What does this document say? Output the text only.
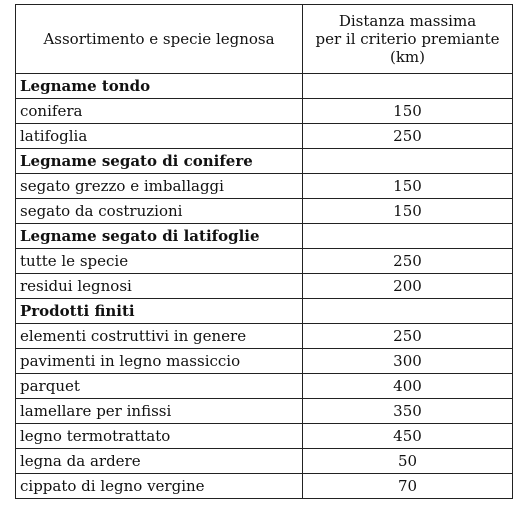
Assortimento e specie legnosa	Distanza massima
per il criterio premiante
(km)

Legname tondo	
conifera	150
latifoglia	250
Legname segato di conifere	
segato grezzo e imballaggi	150
segato da costruzioni	150
Legname segato di latifoglie	
tutte le specie	250
residui legnosi	200
Prodotti finiti	
elementi costruttivi in genere	250
pavimenti in legno massiccio	300
parquet	400
lamellare per infissi	350
legno termotrattato	450
legna da ardere	50
cippato di legno vergine	70
